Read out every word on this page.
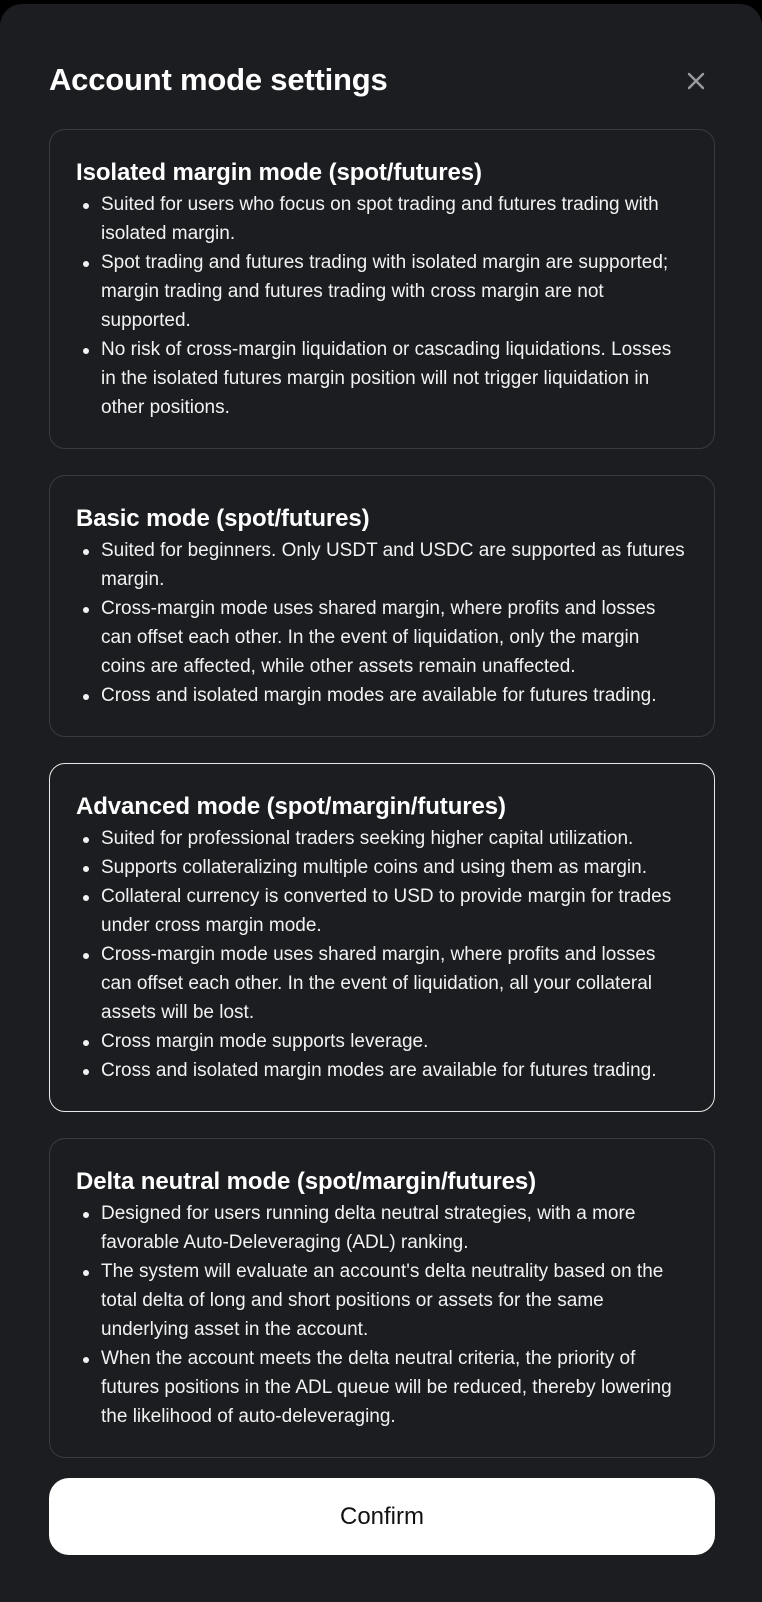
Account mode settings
Isolated margin mode (spot/futures)
Suited for users who focus on spot trading and futures trading with isolated margin.
Spot trading and futures trading with isolated margin are supported; margin trading and futures trading with cross margin are not supported.
No risk of cross-margin liquidation or cascading liquidations. Losses in the isolated futures margin position will not trigger liquidation in other positions.
Basic mode (spot/futures)
Suited for beginners. Only USDT and USDC are supported as futures margin.
Cross-margin mode uses shared margin, where profits and losses can offset each other. In the event of liquidation, only the margin coins are affected, while other assets remain unaffected.
Cross and isolated margin modes are available for futures trading.
Advanced mode (spot/margin/futures)
Suited for professional traders seeking higher capital utilization.
Supports collateralizing multiple coins and using them as margin.
Collateral currency is converted to USD to provide margin for trades under cross margin mode.
Cross-margin mode uses shared margin, where profits and losses can offset each other. In the event of liquidation, all your collateral assets will be lost.
Cross margin mode supports leverage.
Cross and isolated margin modes are available for futures trading.
Delta neutral mode (spot/margin/futures)
Designed for users running delta neutral strategies, with a more favorable Auto-Deleveraging (ADL) ranking.
The system will evaluate an account's delta neutrality based on the total delta of long and short positions or assets for the same underlying asset in the account.
When the account meets the delta neutral criteria, the priority of futures positions in the ADL queue will be reduced, thereby lowering the likelihood of auto-deleveraging.
Confirm
